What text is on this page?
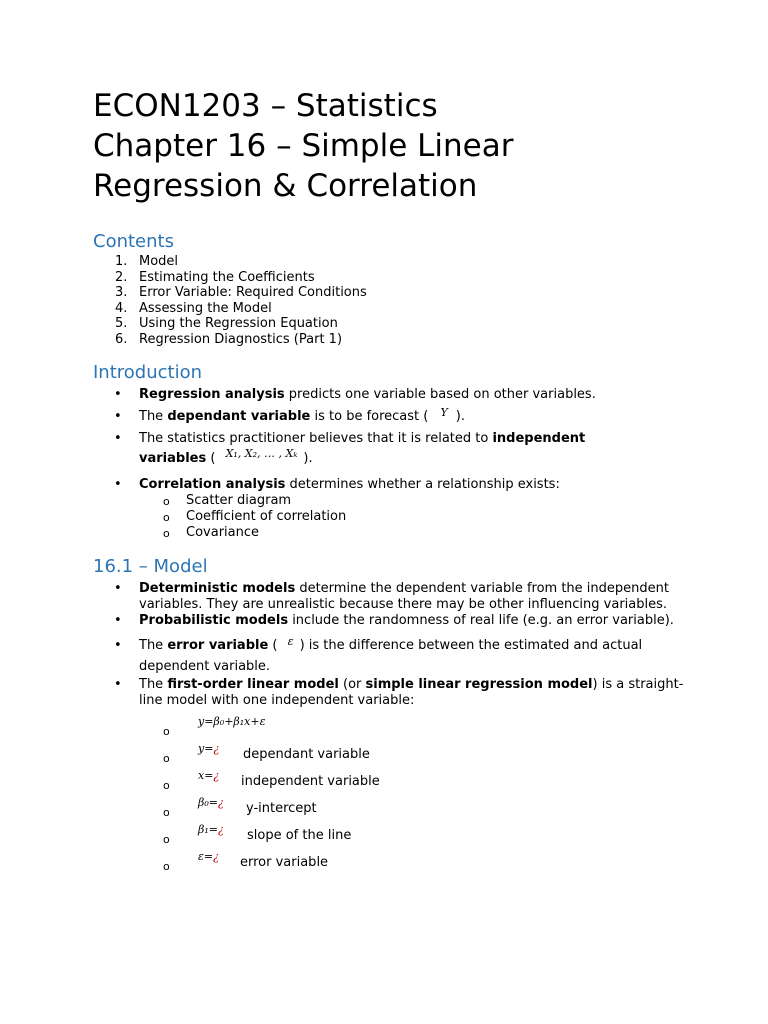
ECON1203 – Statistics
Chapter 16 – Simple Linear
Regression & Correlation
Contents
1. Model
2. Estimating the Coefficients
3. Error Variable: Required Conditions
4. Assessing the Model
5. Using the Regression Equation
6. Regression Diagnostics (Part 1)
Introduction
• Regression analysis predicts one variable based on other variables.
• The dependant variable is to be forecast ( $^Y$ ).
• The statistics practitioner believes that it is related to independent
variables ( $^{X_1, X_2, \dots , X_k}$ ).
• Correlation analysis determines whether a relationship exists:
o Scatter diagram
o Coefficient of correlation
o Covariance
16.1 – Model
• Deterministic models determine the dependent variable from the independent variables. They are unrealistic because there may be other influencing variables.
• Probabilistic models include the randomness of real life (e.g. an error variable).
• The error variable ( $^\varepsilon$ ) is the difference between the estimated and actual dependent variable.
• The first-order linear model (or simple linear regression model) is a straight-line model with one independent variable:
o
y=β₀+β₁x+ε
o
y=¿ dependant variable
o
x=¿ independent variable
o
β₀=¿ y-intercept
o
β₁=¿ slope of the line
o
ε=¿ error variable
